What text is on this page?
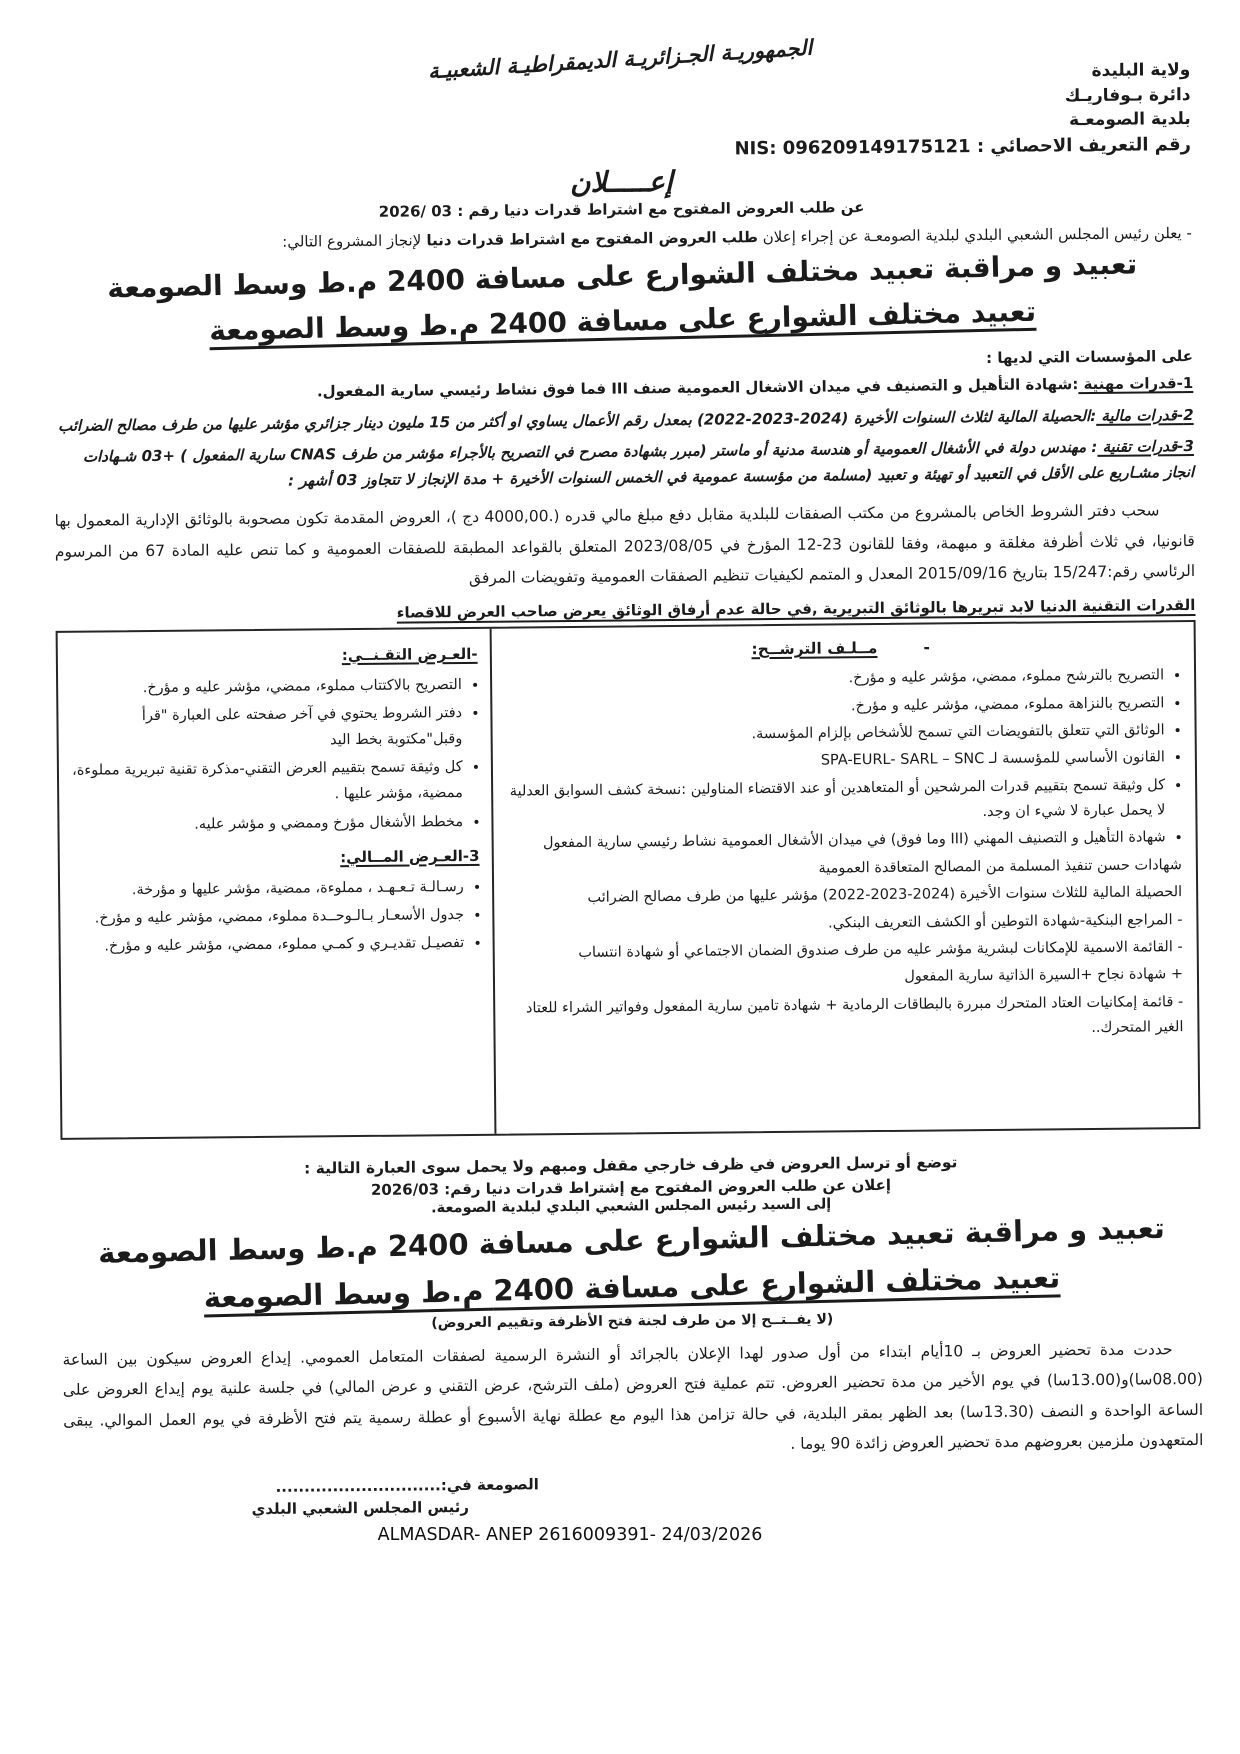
الجمهوريـة الجـزائريـة الديمقراطيـة الشعبيـة	ولاية البليدة
دائرة بـوفاريـك
بلدية الصومعـة
رقم التعريف الاحصائي : NIS: 096209149175121
إعـــــلان
عن طلب العروض المفتوح مع اشتراط قدرات دنيا رقم : 03 /2026

- يعلن رئيس المجلس الشعبي البلدي لبلدية الصومعـة عن إجراء إعلان طلب العروض المفتوح مع اشتراط قدرات دنيا لإنجاز المشروع التالي:

تعبيد و مراقبة تعبيد مختلف الشوارع على مسافة 2400 م.ط وسط الصومعة
تعبيد مختلف الشوارع على مسافة 2400 م.ط وسط الصومعة

على المؤسسات التي لديها :

1-قدرات مهنية :شهادة التأهيل و التصنيف في ميدان الاشغال العمومية صنف III فما فوق نشاط رئيسي سارية المفعول.

2-قدرات مالية :الحصيلة المالية لثلاث السنوات الأخيرة (2024-2023-2022) بمعدل رقم الأعمال يساوي او أكثر من 15 مليون دينار جزائري مؤشر عليها من طرف مصالح الضرائب

3-قدرات تقنية : مهندس دولة في الأشغال العمومية أو هندسة مدنية أو ماستر (مبرر بشهادة مصرح في التصريح بالأجراء مؤشر من طرف CNAS سارية المفعول ) +03 شـهادات انجاز مشـاريع على الأقل في التعبيد أو تهيئة و تعبيد (مسلمة من مؤسسة عمومية في الخمس السنوات الأخيرة + مدة الإنجاز لا تتجاوز 03 أشهر :

سحب دفتر الشروط الخاص بالمشروع من مكتب الصفقات للبلدية مقابل دفع مبلغ مالي قدره (.4000,00 دج )، العروض المقدمة تكون مصحوبة بالوثائق الإدارية المعمول بها قانونيا، في ثلاث أظرفة مغلقة و مبهمة، وفقا للقانون 23-12 المؤرخ في 2023/08/05 المتعلق بالقواعد المطبقة للصفقات العمومية و كما تنص عليه المادة 67 من المرسوم الرئاسي رقم:15/247 بتاريخ 2015/09/16 المعدل و المتمم لكيفيات تنظيم الصفقات العمومية وتفويضات المرفق

القدرات التقنية الدنيا لابد تبريرها بالوثائق التبريرية ,في حالة عدم أرفاق الوثائق يعرض صاحب العرض للاقصاء
-
مــلـف الترشــح:
• التصريح بالترشح مملوء، ممضي، مؤشر عليه و مؤرخ.
• التصريح بالنزاهة مملوء، ممضي، مؤشر عليه و مؤرخ.
• الوثائق التي تتعلق بالتفويضات التي تسمح للأشخاص بإلزام المؤسسة.
• القانون الأساسي للمؤسسة لـ SPA-EURL- SARL – SNC
• كل وثيقة تسمح بتقييم قدرات المرشحين أو المتعاهدين أو عند الاقتضاء المناولين :نسخة كشف السوابق العدلية لا يحمل عبارة لا شيء ان وجد.
• شهادة التأهيل و التصنيف المهني (III وما فوق) في ميدان الأشغال العمومية نشاط رئيسي سارية المفعول
شهادات حسن تنفيذ المسلمة من المصالح المتعاقدة العمومية
الحصيلة المالية للثلاث سنوات الأخيرة (2024-2023-2022) مؤشر عليها من طرف مصالح الضرائب
- المراجع البنكية-شهادة التوطين أو الكشف التعريف البنكي.
- القائمة الاسمية للإمكانات لبشرية مؤشر عليه من طرف صندوق الضمان الاجتماعي أو شهادة انتساب
+ شهادة نجاح +السيرة الذاتية سارية المفعول
- قائمة إمكانيات العتاد المتحرك مبررة بالبطاقات الرمادية + شهادة تامين سارية المفعول وفواتير الشراء للعتاد الغير المتحرك..
-العـرض التقـنــي:
• التصريح بالاكتتاب مملوء، ممضي، مؤشر عليه و مؤرخ.
• دفتر الشروط يحتوي في آخر صفحته على العبارة "قرأ وقبل"مكتوبة بخط اليد
• كل وثيقة تسمح بتقييم العرض التقني-مذكرة تقنية تبريرية مملوءة، ممضية، مؤشر عليها .
• مخطط الأشغال مؤرخ وممضي و مؤشر عليه.
3-العـرض المــالي:
• رسـالـة تـعـهـد ، مملوءة، ممضية، مؤشر عليها و مؤرخة.
• جدول الأسعـار بـالـوحــدة مملوء، ممضي، مؤشر عليه و مؤرخ.
• تفصيـل تقديـري و كمـي مملوء، ممضي، مؤشر عليه و مؤرخ.
توضع أو ترسل العروض في ظرف خارجي مقفل ومبهم ولا يحمل سوى العبارة التالية :
إعلان عن طلب العروض المفتوح مع إشتراط قدرات دنيا رقم: 2026/03
إلى السيد رئيس المجلس الشعبي البلدي لبلدية الصومعة.
تعبيد و مراقبة تعبيد مختلف الشوارع على مسافة 2400 م.ط وسط الصومعة
تعبيد مختلف الشوارع على مسافة 2400 م.ط وسط الصومعة
(لا يفــتــح إلا من طرف لجنة فتح الأظرفة وتقييم العروض)

حددت مدة تحضير العروض بـ 10أيام ابتداء من أول صدور لهدا الإعلان بالجرائد أو النشرة الرسمية لصفقات المتعامل العمومي. إيداع العروض سيكون بين الساعة (08.00سا)و(13.00سا) في يوم الأخير من مدة تحضير العروض. تتم عملية فتح العروض (ملف الترشح، عرض التقني و عرض المالي) في جلسة علنية يوم إيداع العروض على الساعة الواحدة و النصف (13.30سا) بعد الظهر بمقر البلدية، في حالة تزامن هذا اليوم مع عطلة نهاية الأسبوع أو عطلة رسمية يتم فتح الأظرفة في يوم العمل الموالي. يبقى المتعهدون ملزمين بعروضهم مدة تحضير العروض زائدة 90 يوما .

الصومعة في:.............................
رئيس المجلس الشعبي البلدي
ALMASDAR- ANEP 2616009391- 24/03/2026
